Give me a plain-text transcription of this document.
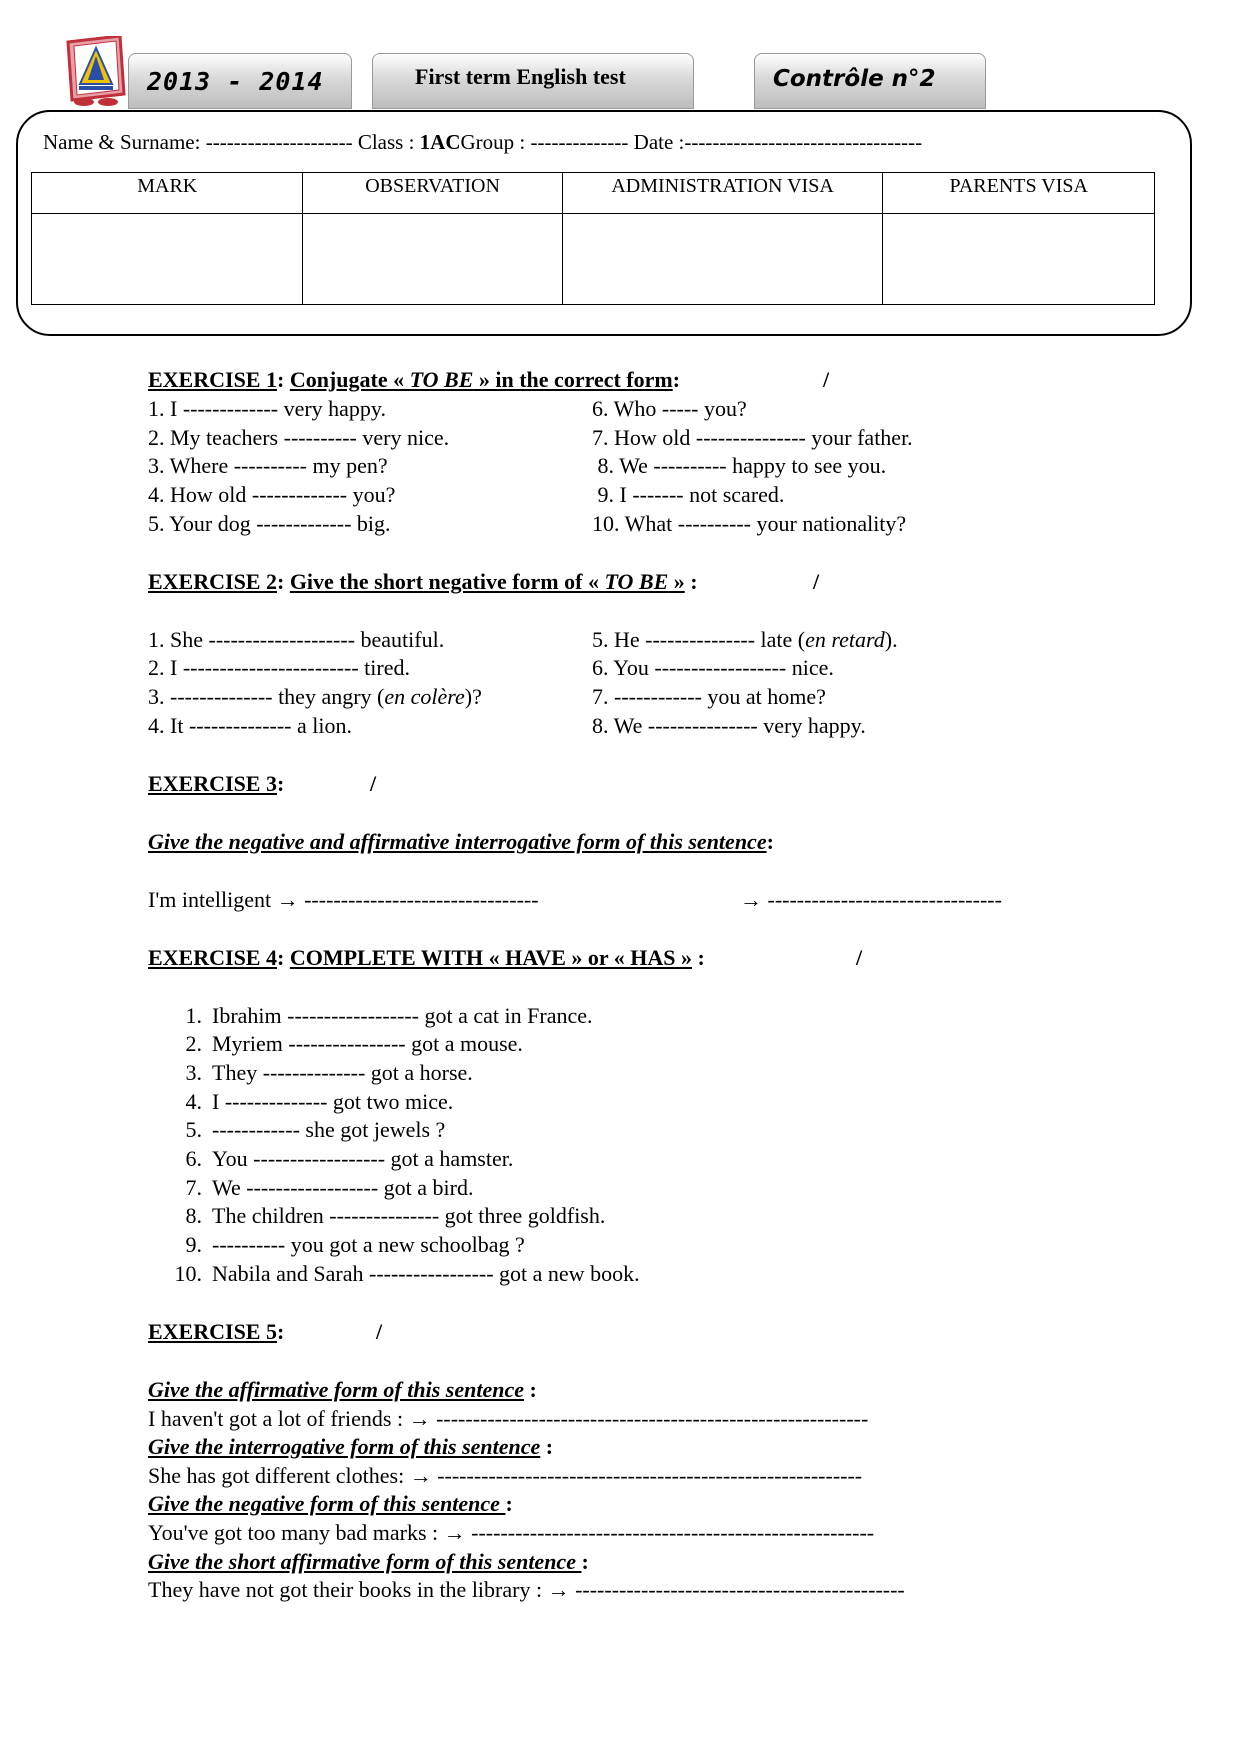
2013 - 2014	First term English test	Contrôle n°2
Name & Surname: --------------------- Class : 1ACGroup : -------------- Date :----------------------------------
MARK	OBSERVATION	ADMINISTRATION VISA	PARENTS VISA

EXERCISE 1: Conjugate « TO BE » in the correct form:	/
1. I ------------- very happy.
2. My teachers ---------- very nice.
3. Where ---------- my pen?
4. How old ------------- you?
5. Your dog ------------- big.
6. Who ----- you?
7. How old --------------- your father.
8. We ---------- happy to see you.
9. I ------- not scared.
10. What ---------- your nationality?
EXERCISE 2: Give the short negative form of « TO BE » :	/
1. She -------------------- beautiful.
2. I ------------------------ tired.
3. -------------- they angry (en colère)?
4. It -------------- a lion.
5. He --------------- late (en retard).
6. You ------------------ nice.
7. ------------ you at home?
8. We --------------- very happy.
EXERCISE 3:	/
Give the negative and affirmative interrogative form of this sentence:
I'm intelligent → --------------------------------	→ --------------------------------
EXERCISE 4: COMPLETE WITH « HAVE » or « HAS » :	/
1. Ibrahim ------------------ got a cat in France.
2. Myriem ---------------- got a mouse.
3. They -------------- got a horse.
4. I -------------- got two mice.
5. ------------ she got jewels ?
6. You ------------------ got a hamster.
7. We ------------------ got a bird.
8. The children --------------- got three goldfish.
9. ---------- you got a new schoolbag ?
10. Nabila and Sarah ----------------- got a new book.
EXERCISE 5:	/
Give the affirmative form of this sentence :
I haven't got a lot of friends : → -----------------------------------------------------------
Give the interrogative form of this sentence :
She has got different clothes: → ----------------------------------------------------------
Give the negative form of this sentence :
You've got too many bad marks : → -------------------------------------------------------
Give the short affirmative form of this sentence :
They have not got their books in the library : → ---------------------------------------------
